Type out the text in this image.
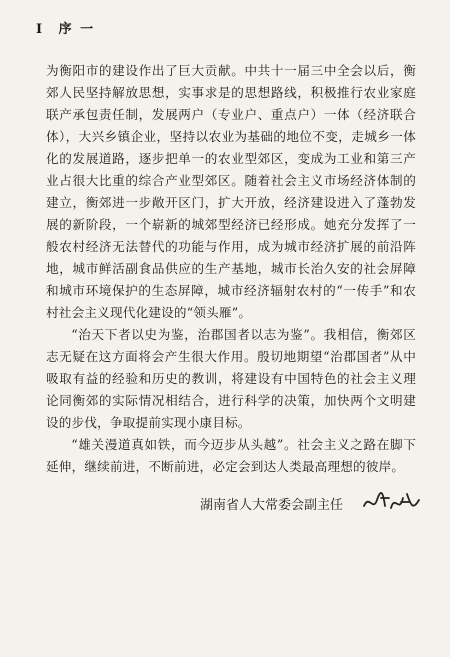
I 序 一

为衡阳市的建设作出了巨大贡献。中共十一届三中全会以后，衡郊人民坚持解放思想，实事求是的思想路线，积极推行农业家庭联产承包责任制，发展两户（专业户、重点户）一体（经济联合体），大兴乡镇企业，坚持以农业为基础的地位不变，走城乡一体化的发展道路，逐步把单一的农业型郊区，变成为工业和第三产业占很大比重的综合产业型郊区。随着社会主义市场经济体制的建立，衡郊进一步敞开区门，扩大开放，经济建设进入了蓬勃发展的新阶段，一个崭新的城郊型经济已经形成。她充分发挥了一般农村经济无法替代的功能与作用，成为城市经济扩展的前沿阵地，城市鲜活副食品供应的生产基地，城市长治久安的社会屏障和城市环境保护的生态屏障，城市经济辐射农村的“一传手”和农村社会主义现代化建设的“领头雁”。

“治天下者以史为鉴，治郡国者以志为鉴”。我相信，衡郊区志无疑在这方面将会产生很大作用。殷切地期望“治郡国者”从中吸取有益的经验和历史的教训，将建设有中国特色的社会主义理论同衡郊的实际情况相结合，进行科学的决策，加快两个文明建设的步伐，争取提前实现小康目标。

“雄关漫道真如铁，而今迈步从头越”。社会主义之路在脚下延伸，继续前进，不断前进，必定会到达人类最高理想的彼岸。

湖南省人大常委会副主任
